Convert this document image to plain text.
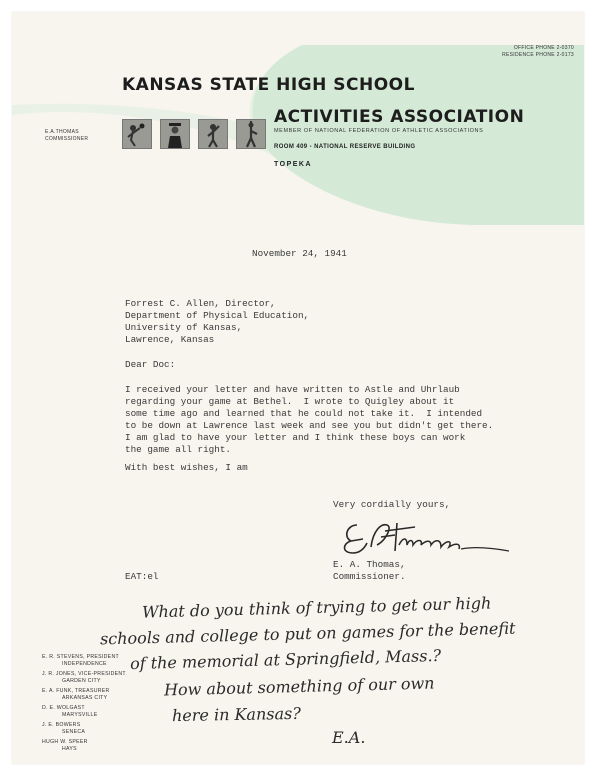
OFFICE PHONE 2-0370
RESIDENCE PHONE 2-0173
KANSAS STATE HIGH SCHOOL
ACTIVITIES ASSOCIATION
MEMBER OF NATIONAL FEDERATION OF ATHLETIC ASSOCIATIONS
ROOM 409 - NATIONAL RESERVE BUILDING
TOPEKA
E.A.THOMAS
COMMISSIONER
November 24, 1941
Forrest C. Allen, Director,
Department of Physical Education,
University of Kansas,
Lawrence, Kansas
Dear Doc:
I received your letter and have written to Astle and Uhrlaub
regarding your game at Bethel.  I wrote to Quigley about it
some time ago and learned that he could not take it.  I intended
to be down at Lawrence last week and see you but didn't get there.
I am glad to have your letter and I think these boys can work
the game all right.
With best wishes, I am
Very cordially yours,
E. A. Thomas,
Commissioner.
EAT:el
What do you think of trying to get our high
schools and college to put on games for the benefit
of the memorial at Springfield, Mass.?
How about something of our own
here in Kansas?
E.A.
E. R. STEVENS, PRESIDENT
INDEPENDENCE
J. R. JONES, VICE-PRESIDENT
GARDEN CITY
E. A. FUNK, TREASURER
ARKANSAS CITY
D. E. WOLGAST
MARYSVILLE
J. E. BOWERS
SENECA
HUGH W. SPEER
HAYS
